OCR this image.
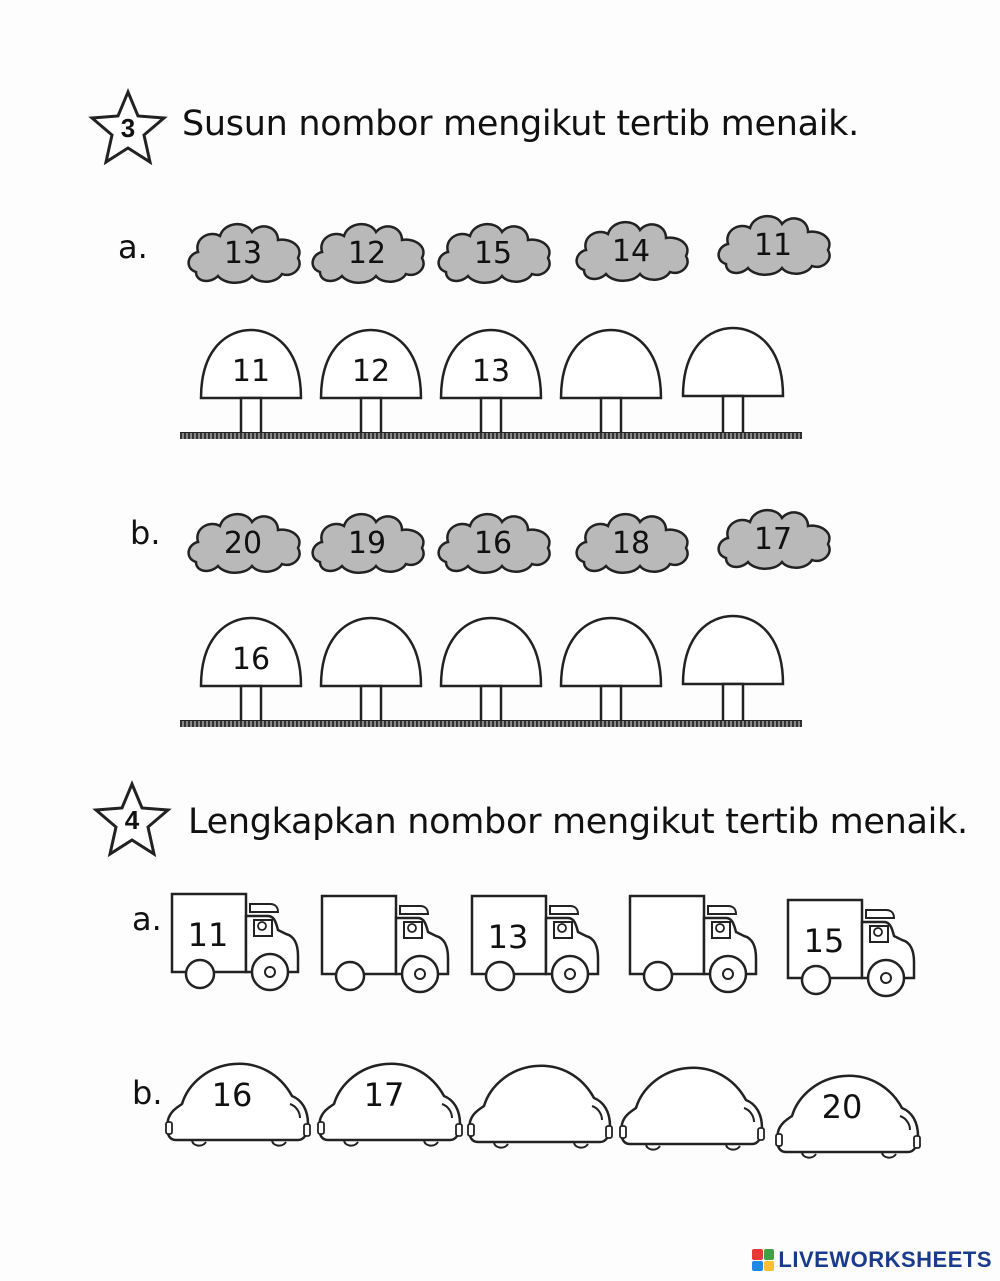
3	Susun nombor mengikut tertib menaik.
a.	13	12	15	14	11
11	12	13
b.	20	19	16	18	17
16
4	Lengkapkan nombor mengikut tertib menaik.
a. 11	13	15
b.	16	17	20
LIVEWORKSHEETS
